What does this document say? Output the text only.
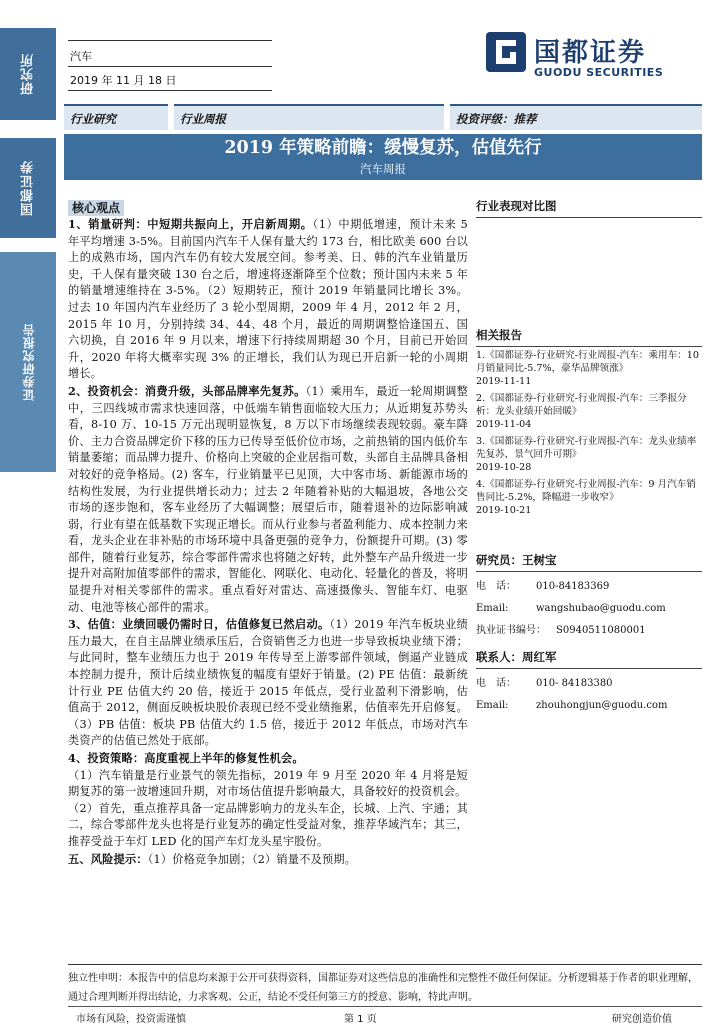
研究所
国都证券
证券研究报告
汽车
2019 年 11 月 18 日
国都证券
GUODU SECURITIES
行业研究	行业周报	投资评级：推荐
2019 年策略前瞻：缓慢复苏，估值先行
汽车周报
核心观点

1、销量研判：中短期共振向上，开启新周期。（1）中期低增速，预计未来 5 年平均增速 3-5%。目前国内汽车千人保有量大约 173 台，相比欧美 600 台以上的成熟市场，国内汽车仍有较大发展空间。参考美、日、韩的汽车业销量历史，千人保有量突破 130 台之后，增速将逐渐降至个位数；预计国内未来 5 年的销量增速维持在 3-5%。（2）短期转正，预计 2019 年销量同比增长 3%。过去 10 年国内汽车业经历了 3 轮小型周期，2009 年 4 月，2012 年 2 月，2015 年 10 月，分别持续 34、44、48 个月，最近的周期调整恰逢国五、国六切换，自 2016 年 9 月以来，增速下行持续周期超 30 个月，目前已开始回升，2020 年将大概率实现 3% 的正增长，我们认为现已开启新一轮的小周期增长。

2、投资机会：消费升级，头部品牌率先复苏。（1）乘用车，最近一轮周期调整中，三四线城市需求快速回落，中低端车销售面临较大压力；从近期复苏势头看，8-10 万、10-15 万元出现明显恢复，8 万以下市场继续表现较弱。豪车降价、主力合资品牌定价下移的压力已传导至低价位市场，之前热销的国内低价车销量萎缩；而品牌力提升、价格向上突破的企业居指可数，头部自主品牌具备相对较好的竞争格局。(2) 客车，行业销量平已见顶，大中客市场、新能源市场的结构性发展，为行业提供增长动力；过去 2 年随着补贴的大幅退坡，各地公交市场的逐步饱和，客车业经历了大幅调整；展望后市，随着退补的边际影响减弱，行业有望在低基数下实现正增长。而从行业参与者盈利能力、成本控制力来看，龙头企业在非补贴的市场环境中具备更强的竞争力，份额提升可期。(3) 零部件，随着行业复苏，综合零部件需求也将随之好转，此外整车产品升级进一步提升对高附加值零部件的需求，智能化、网联化、电动化、轻量化的普及，将明显提升对相关零部件的需求。重点看好对雷达、高速摄像头、智能车灯、电驱动、电池等核心部件的需求。

3、估值：业绩回暖仍需时日，估值修复已然启动。（1）2019 年汽车板块业绩压力最大，在自主品牌业绩承压后，合资销售乏力也进一步导致板块业绩下滑；与此同时，整车业绩压力也于 2019 年传导至上游零部件领域，倒逼产业链成本控制力提升，预计后续业绩恢复的幅度有望好于销量。(2) PE 估值：最新统计行业 PE 估值大约 20 倍，接近于 2015 年低点，受行业盈利下滑影响，估值高于 2012，侧面反映板块股价表现已经不受业绩拖累，估值率先开启修复。（3）PB 估值：板块 PB 估值大约 1.5 倍，接近于 2012 年低点，市场对汽车类资产的估值已然处于底部。

4、投资策略：高度重视上半年的修复性机会。

（1）汽车销量是行业景气的领先指标，2019 年 9 月至 2020 年 4 月将是短期复苏的第一波增速回升期，对市场估值提升影响最大，具备较好的投资机会。

（2）首先，重点推荐具备一定品牌影响力的龙头车企，长城、上汽、宇通；其二，综合零部件龙头也将是行业复苏的确定性受益对象，推荐华域汽车；其三，推荐受益于车灯 LED 化的国产车灯龙头星宇股份。

五、风险提示：（1）价格竞争加剧；（2）销量不及预期。

行业表现对比图
相关报告
1.《国都证券-行业研究-行业周报-汽车：乘用车：10月销量同比-5.7%，豪华品牌领涨》
2019-11-11
2.《国都证券-行业研究-行业周报-汽车：三季报分析：龙头业绩开始回暖》
2019-11-04
3.《国都证券-行业研究-行业周报-汽车：龙头业绩率先复苏，景气回升可期》
2019-10-28
4.《国都证券-行业研究-行业周报-汽车：9 月汽车销售同比-5.2%，降幅进一步收窄》
2019-10-21
研究员：王树宝
电　话：	010-84183369
Email:	wangshubao@guodu.com
执业证书编号：	S0940511080001
联系人：周红军
电　话：	010- 84183380
Email:	zhouhongjun@guodu.com
独立性申明：本报告中的信息均来源于公开可获得资料，国都证券对这些信息的准确性和完整性不做任何保证。分析逻辑基于作者的职业理解，通过合理判断并得出结论，力求客观、公正，结论不受任何第三方的授意、影响，特此声明。
市场有风险，投资需谨慎	第 1 页	研究创造价值
